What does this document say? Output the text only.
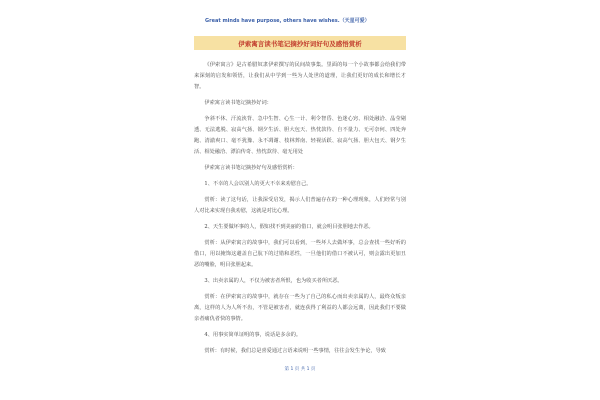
Great minds have purpose, others have wishes.（天星可爱）
伊索寓言读书笔记摘抄好词好句及感悟赏析

《伊索寓言》是古希腊奴隶伊索撰写的民间故事集。里面的每一个小故事都会给我们带来深刻的启发和领悟，让我们从中学到一些为人处世的道理，让我们更好的成长和增长才智。

伊索寓言读书笔记摘抄好词：

争斜不休、汗流浃背、急中生智、心生一计、利令智昏、色迷心窍、相处融洽、晶莹剔透、无法逃脱、寂高气扬、钢夕生活、胆大包天、热忱款待、自不量力、无可奈何、四处奔跑、清澈爽口、毫不犹豫、永不凋谢、枝林葬南、轻视活跃、寂高气扬、胆大包天、钢夕生活、相处融洽、漂泊传奇、热忱款待、毫无用处

伊索寓言读书笔记摘抄好句及感悟赏析：

1、不幸的人会以别人的更大不幸来劝慰自己。

赏析：读了这句话，让我深受启发，揭示人们普遍存在的一种心理现象，人们经常与别人对比来实现自我劝慰，这就是对比心理。

2、天生要做坏事的人，假如找不到美丽的借口，就会明目张胆地去作恶。

赏析：从伊索寓言的故事中，我们可以看到，一些坏人去做坏事，总会查找一些好听的借口，用以掩饰这避盖自己肮下的过错和恶性，一旦他们的借口不被认可，则会露出更加丑恶的嘴脸，明目张胆起来。

3、出卖亲属的人，不仅为被害者所恨，也为收买者所厌恶。

赏析：在伊索寓言的故事中，就存在一些为了自己的私心而出卖亲属的人，最终众叛亲离，这样的人为人所不齿，不管是被害者，就连获得了利益的人都会远离，因此我们不要做亲者痛仇者快的事情。

4、用事实简单证明的事，说话是多余的。

赏析：有时候，我们总是喜爱通过言语来说明一些事情，往往会发生争论，导致

第 1 页 共 1 页
